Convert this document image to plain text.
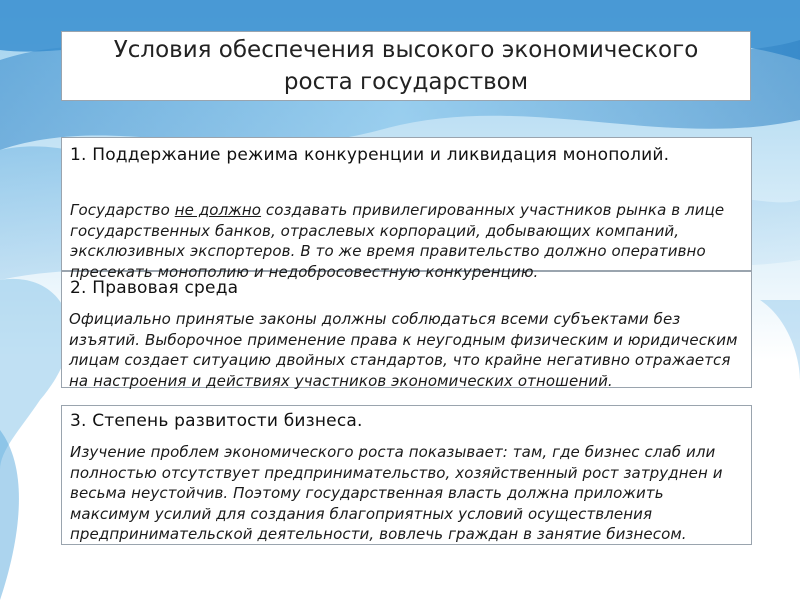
Условия обеспечения высокого экономического
роста государством

1. Поддержание режима конкуренции и ликвидация монополий.

Государство не должно создавать привилегированных участников рынка в лице государственных банков, отраслевых корпораций, добывающих компаний, эксклюзивных экспортеров. В то же время правительство должно оперативно пресекать монополию и недобросовестную конкуренцию.

2. Правовая среда

Официально принятые законы должны соблюдаться всеми субъектами без изъятий. Выборочное применение права к неугодным физическим и юридическим лицам создает ситуацию двойных стандартов, что крайне негативно отражается на настроения и действиях участников экономических отношений.

3. Степень развитости бизнеса.

Изучение проблем экономического роста показывает: там, где бизнес слаб или полностью отсутствует предпринимательство, хозяйственный рост затруднен и весьма неустойчив. Поэтому государственная власть должна приложить максимум усилий для создания благоприятных условий осуществления предпринимательской деятельности, вовлечь граждан в занятие бизнесом.
